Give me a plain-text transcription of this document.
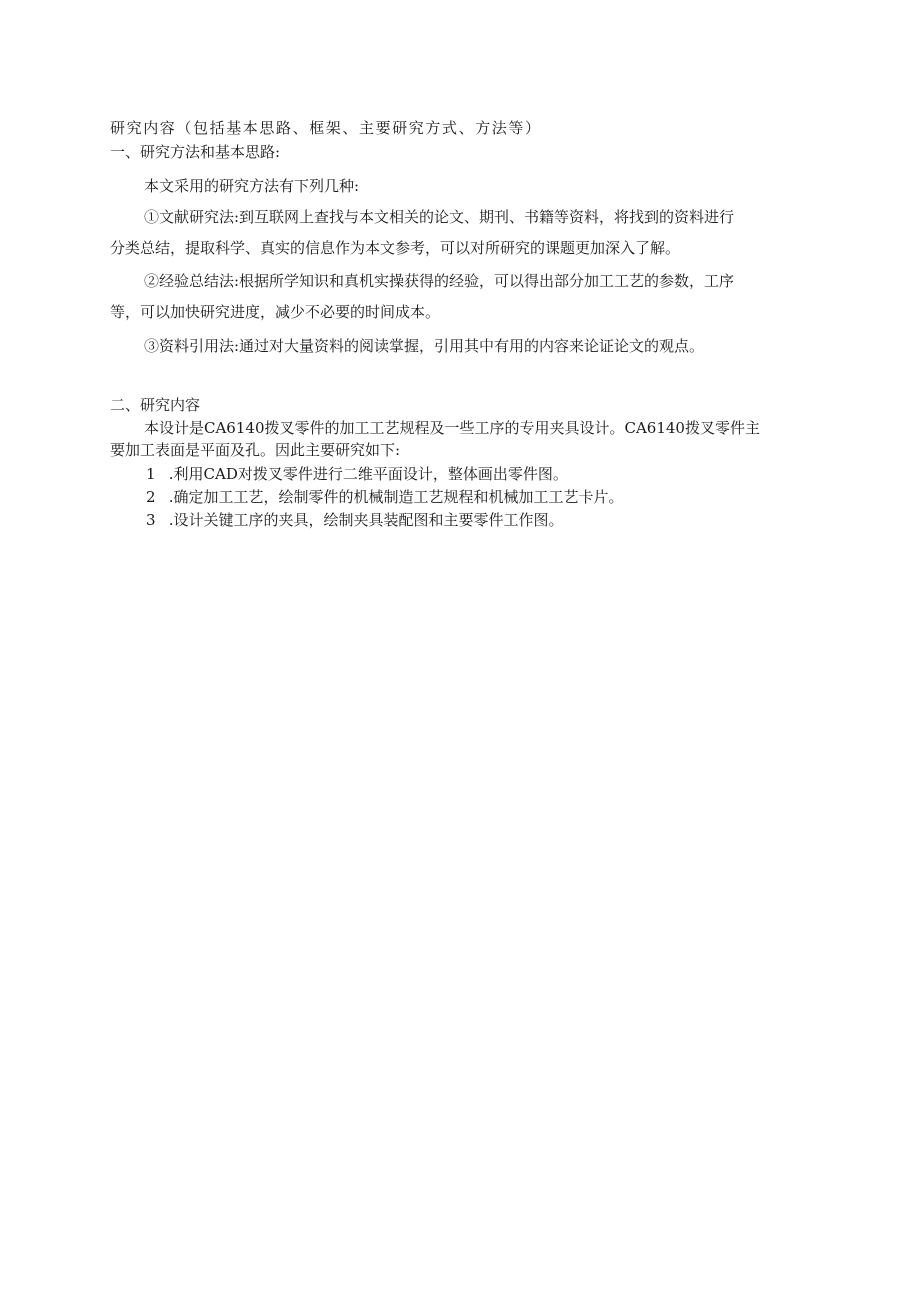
研究内容（包括基本思路、框架、主要研究方式、方法等）
一、研究方法和基本思路:
本文采用的研究方法有下列几种:
①文献研究法:到互联网上查找与本文相关的论文、期刊、书籍等资料，将找到的资料进行
分类总结，提取科学、真实的信息作为本文参考，可以对所研究的课题更加深入了解。
②经验总结法:根据所学知识和真机实操获得的经验，可以得出部分加工工艺的参数，工序
等，可以加快研究进度，减少不必要的时间成本。
③资料引用法:通过对大量资料的阅读掌握，引用其中有用的内容来论证论文的观点。
二、研究内容
本设计是CA6140拨叉零件的加工工艺规程及一些工序的专用夹具设计。CA6140拨叉零件主
要加工表面是平面及孔。因此主要研究如下:
1 .利用CAD对拨叉零件进行二维平面设计，整体画出零件图。
2 .确定加工工艺，绘制零件的机械制造工艺规程和机械加工工艺卡片。
3 .设计关键工序的夹具，绘制夹具装配图和主要零件工作图。
